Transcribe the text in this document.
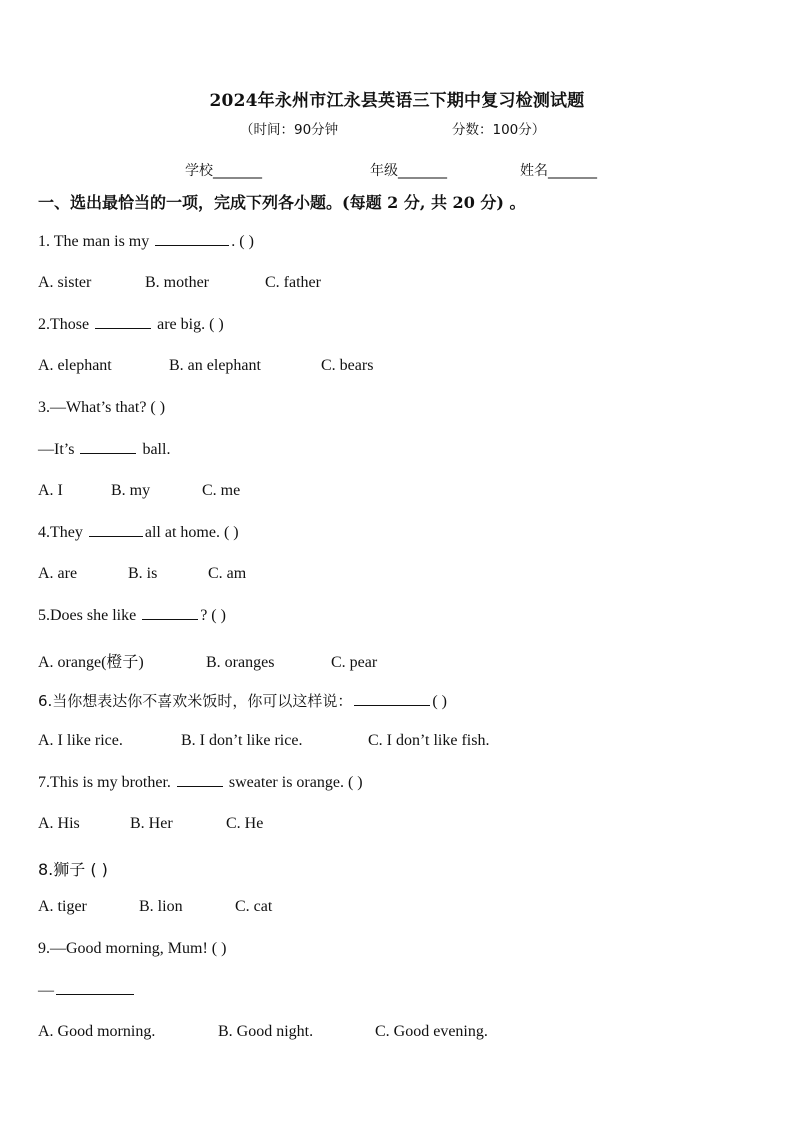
2024年永州市江永县英语三下期中复习检测试题
（时间：90分钟	分数：100分）
学校_______	年级_______	姓名_______
一、选出最恰当的一项，完成下列各小题。(每题 2 分, 共 20 分) 。
1. The man is my	. ( )
A. sister	B. mother	C. father
2.Those	are big. ( )
A. elephant	B. an elephant	C. bears
3.—What’s that? ( )
—It’s	ball.
A. I	B. my	C. me
4.They	all at home. ( )
A. are	B. is	C. am
5.Does she like	? ( )
A. orange(橙子)	B. oranges	C. pear
6.当你想表达你不喜欢米饭时，你可以这样说：	( )
A. I like rice.	B. I don’t like rice.	C. I don’t like fish.
7.This is my brother.	sweater is orange. ( )
A. His	B. Her	C. He
8.狮子 ( )
A. tiger	B. lion	C. cat
9.—Good morning, Mum! ( )
—
A. Good morning.	B. Good night.	C. Good evening.
